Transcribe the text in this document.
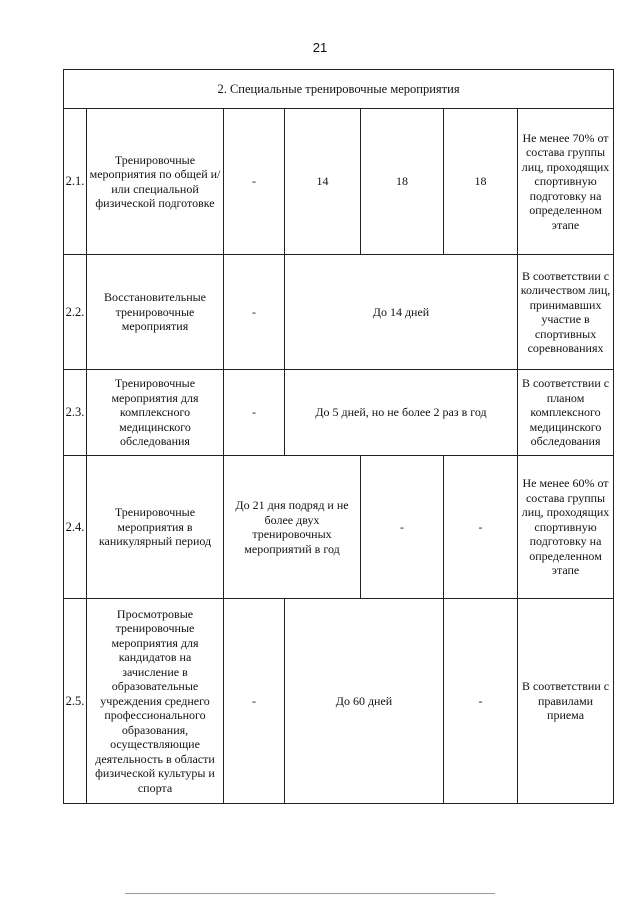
21
2. Специальные тренировочные мероприятия						
2.1.	Тренировочные мероприятия по общей и/или специальной физической подготовке	-	14	18	18	Не менее 70% от состава группы лиц, проходящих спортивную подготовку на определенном этапе
2.2.	Восстановительные тренировочные мероприятия	-	До 14 дней			В соответствии с количеством лиц, принимавших участие в спортивных соревнованиях
2.3.	Тренировочные мероприятия для комплексного медицинского обследования	-	До 5 дней, но не более 2 раз в год			В соответствии с планом комплексного медицинского обследования
2.4.	Тренировочные мероприятия в каникулярный период	До 21 дня подряд и не более двух тренировочных мероприятий в год		-	-	Не менее 60% от состава группы лиц, проходящих спортивную подготовку на определенном этапе
2.5.	Просмотровые тренировочные мероприятия для кандидатов на зачисление в образовательные учреждения среднего профессионального образования, осуществляющие деятельность в области физической культуры и спорта	-	До 60 дней		-	В соответствии с правилами приема
